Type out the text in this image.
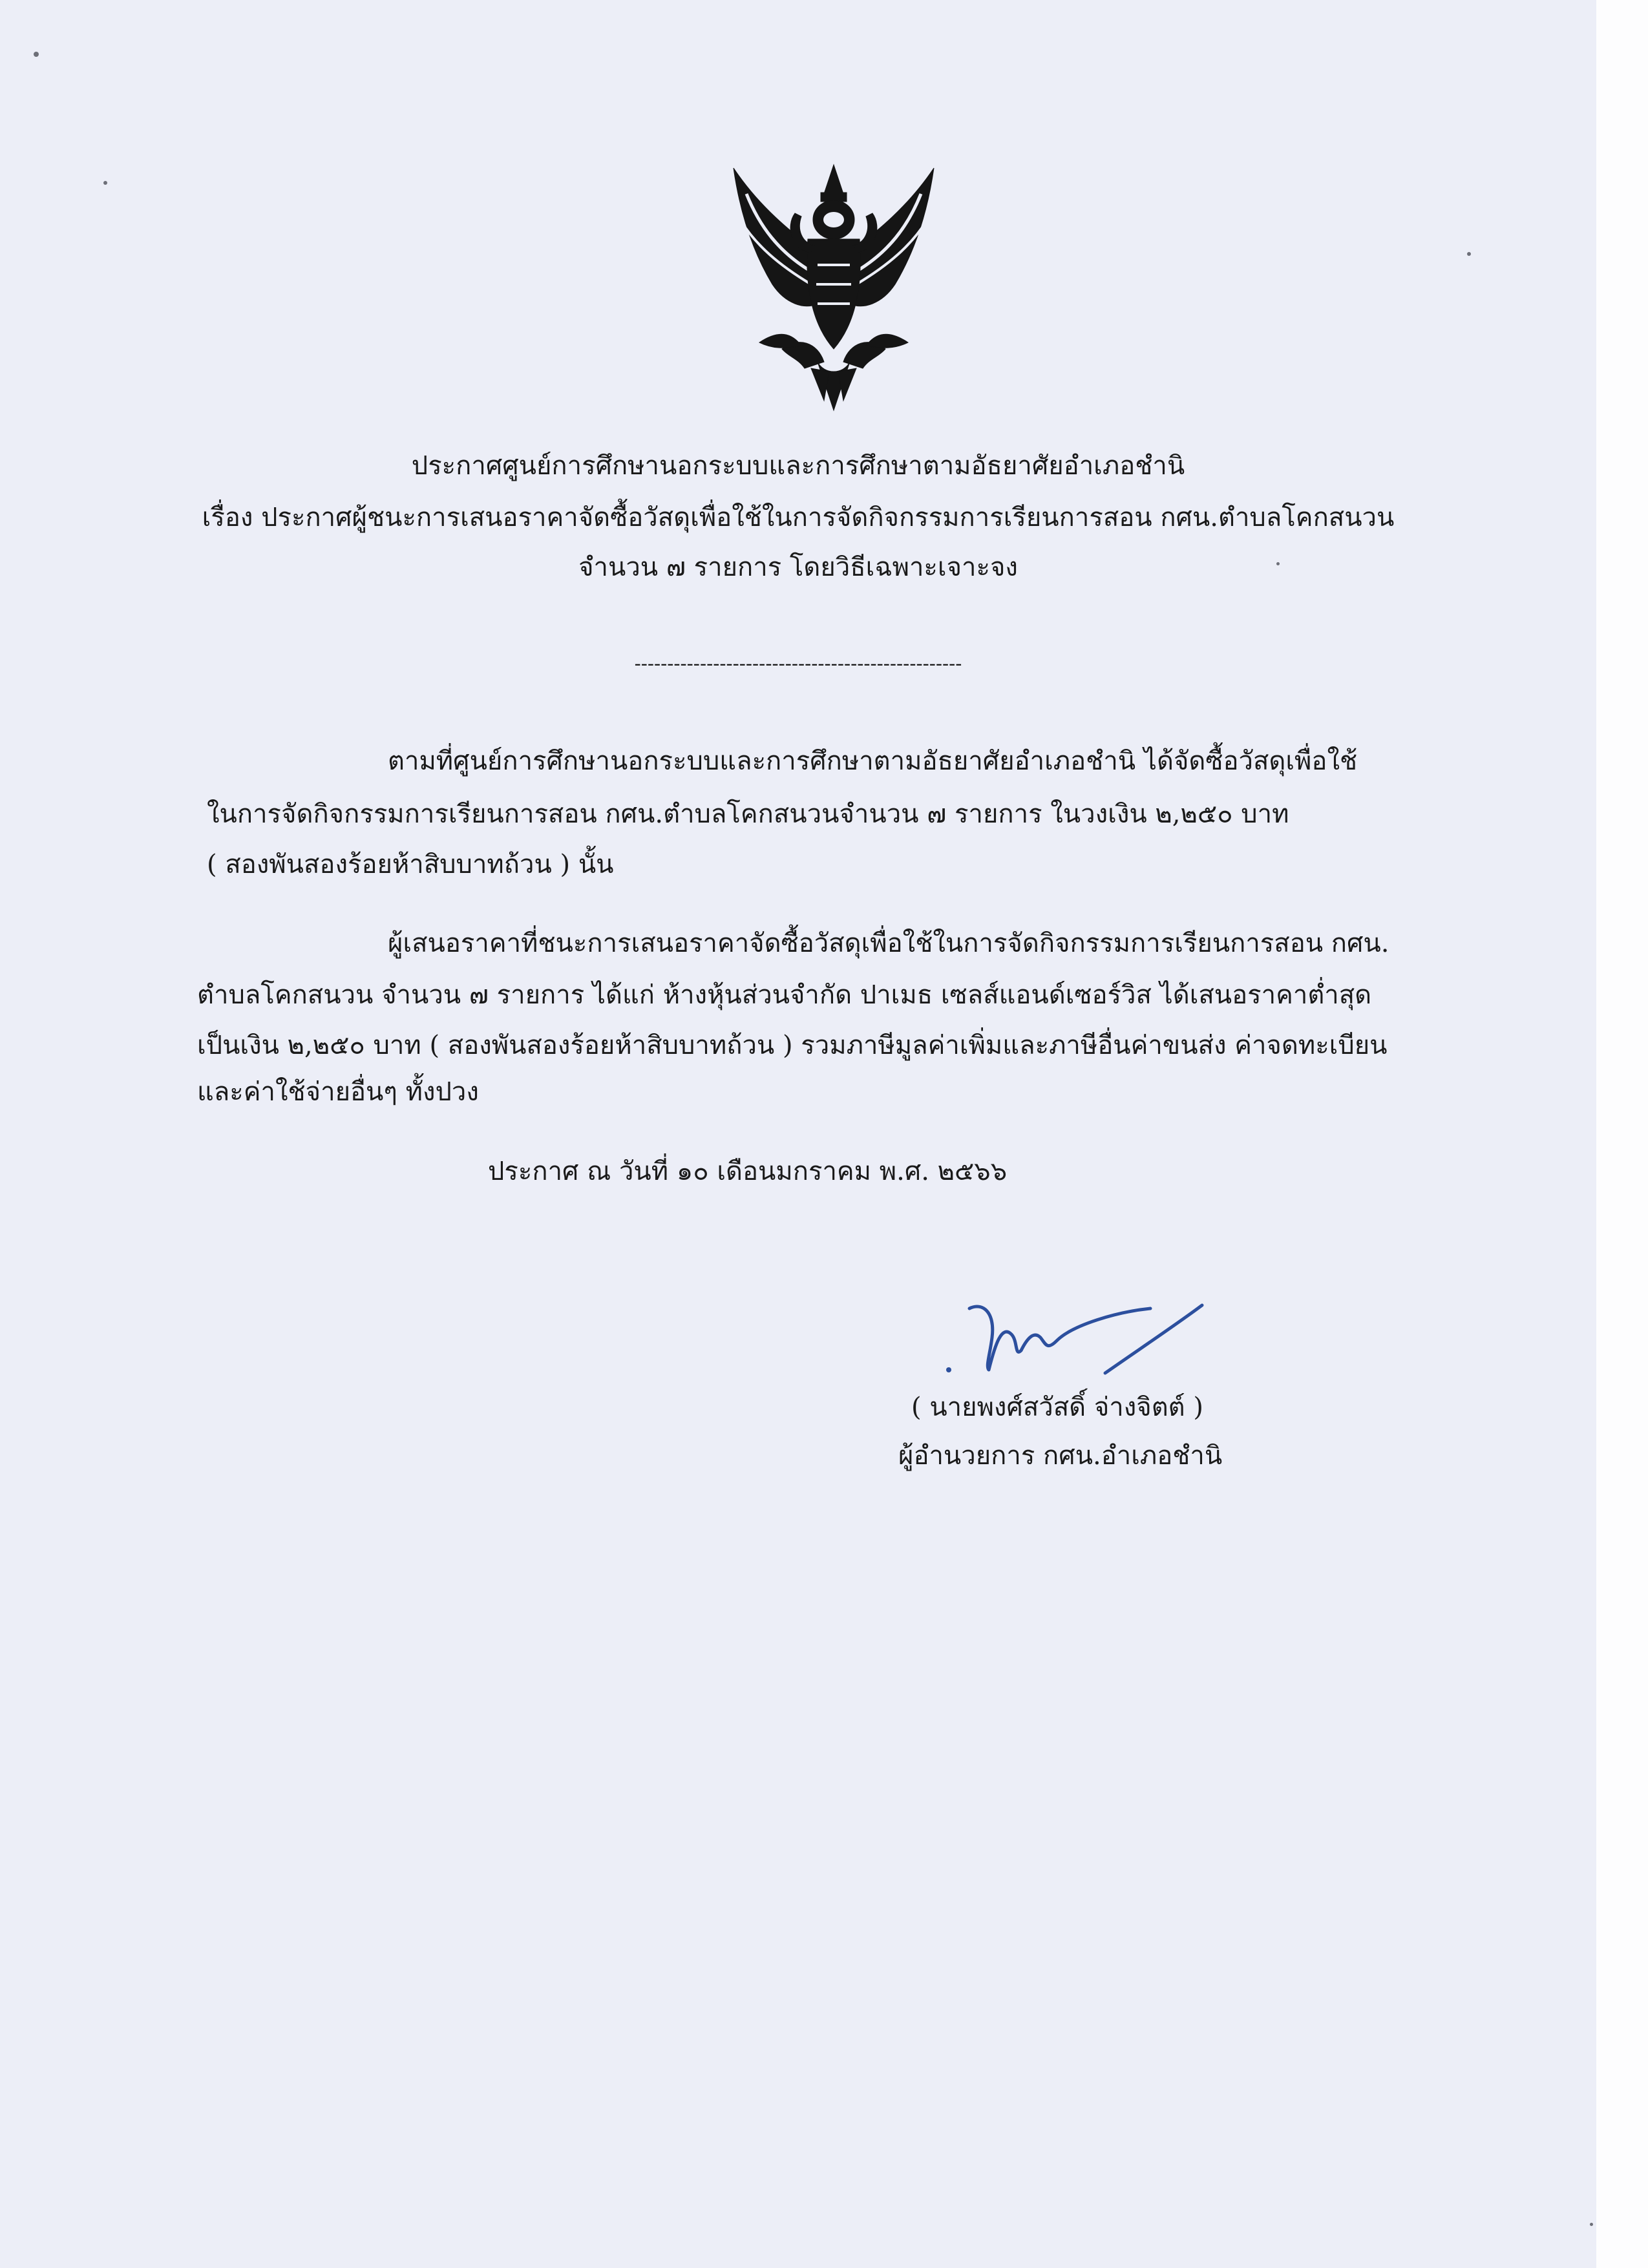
ประกาศศูนย์การศึกษานอกระบบและการศึกษาตามอัธยาศัยอำเภอชำนิ
เรื่อง ประกาศผู้ชนะการเสนอราคาจัดซื้อวัสดุเพื่อใช้ในการจัดกิจกรรมการเรียนการสอน กศน.ตำบลโคกสนวน
จำนวน ๗ รายการ โดยวิธีเฉพาะเจาะจง
--------------------------------------------------
ตามที่ศูนย์การศึกษานอกระบบและการศึกษาตามอัธยาศัยอำเภอชำนิ ได้จัดซื้อวัสดุเพื่อใช้
ในการจัดกิจกรรมการเรียนการสอน กศน.ตำบลโคกสนวนจำนวน ๗ รายการ ในวงเงิน ๒,๒๕๐ บาท
( สองพันสองร้อยห้าสิบบาทถ้วน ) นั้น
ผู้เสนอราคาที่ชนะการเสนอราคาจัดซื้อวัสดุเพื่อใช้ในการจัดกิจกรรมการเรียนการสอน กศน.
ตำบลโคกสนวน จำนวน ๗ รายการ ได้แก่ ห้างหุ้นส่วนจำกัด ปาเมธ เซลส์แอนด์เซอร์วิส ได้เสนอราคาต่ำสุด
เป็นเงิน ๒,๒๕๐ บาท ( สองพันสองร้อยห้าสิบบาทถ้วน ) รวมภาษีมูลค่าเพิ่มและภาษีอื่นค่าขนส่ง ค่าจดทะเบียน
และค่าใช้จ่ายอื่นๆ ทั้งปวง
ประกาศ ณ วันที่ ๑๐ เดือนมกราคม พ.ศ. ๒๕๖๖
( นายพงศ์สวัสดิ์ จ่างจิตต์ )
ผู้อำนวยการ กศน.อำเภอชำนิ
